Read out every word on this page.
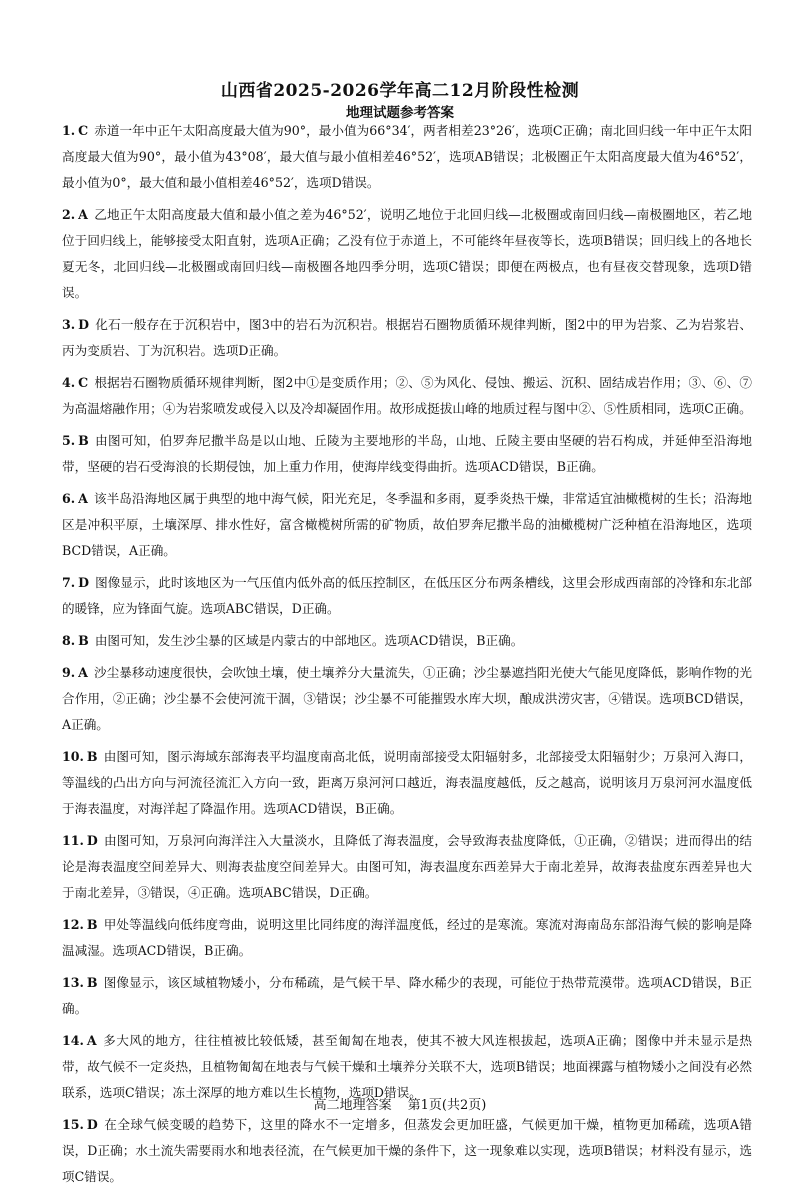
山西省2025-2026学年高二12月阶段性检测
地理试题参考答案
1. C 赤道一年中正午太阳高度最大值为90°，最小值为66°34′，两者相差23°26′，选项C正确；南北回归线一年中正午太阳高度最大值为90°，最小值为43°08′，最大值与最小值相差46°52′，选项AB错误；北极圈正午太阳高度最大值为46°52′，最小值为0°，最大值和最小值相差46°52′，选项D错误。
2. A 乙地正午太阳高度最大值和最小值之差为46°52′，说明乙地位于北回归线—北极圈或南回归线—南极圈地区，若乙地位于回归线上，能够接受太阳直射，选项A正确；乙没有位于赤道上，不可能终年昼夜等长，选项B错误；回归线上的各地长夏无冬，北回归线—北极圈或南回归线—南极圈各地四季分明，选项C错误；即便在两极点，也有昼夜交替现象，选项D错误。
3. D 化石一般存在于沉积岩中，图3中的岩石为沉积岩。根据岩石圈物质循环规律判断，图2中的甲为岩浆、乙为岩浆岩、丙为变质岩、丁为沉积岩。选项D正确。
4. C 根据岩石圈物质循环规律判断，图2中①是变质作用；②、⑤为风化、侵蚀、搬运、沉积、固结成岩作用；③、⑥、⑦为高温熔融作用；④为岩浆喷发或侵入以及冷却凝固作用。故形成挺拔山峰的地质过程与图中②、⑤性质相同，选项C正确。
5. B 由图可知，伯罗奔尼撒半岛是以山地、丘陵为主要地形的半岛，山地、丘陵主要由坚硬的岩石构成，并延伸至沿海地带，坚硬的岩石受海浪的长期侵蚀，加上重力作用，使海岸线变得曲折。选项ACD错误，B正确。
6. A 该半岛沿海地区属于典型的地中海气候，阳光充足，冬季温和多雨，夏季炎热干燥，非常适宜油橄榄树的生长；沿海地区是冲积平原，土壤深厚、排水性好，富含橄榄树所需的矿物质，故伯罗奔尼撒半岛的油橄榄树广泛种植在沿海地区，选项BCD错误，A正确。
7. D 图像显示，此时该地区为一气压值内低外高的低压控制区，在低压区分布两条槽线，这里会形成西南部的冷锋和东北部的暖锋，应为锋面气旋。选项ABC错误，D正确。
8. B 由图可知，发生沙尘暴的区域是内蒙古的中部地区。选项ACD错误，B正确。
9. A 沙尘暴移动速度很快，会吹蚀土壤，使土壤养分大量流失，①正确；沙尘暴遮挡阳光使大气能见度降低，影响作物的光合作用，②正确；沙尘暴不会使河流干涸，③错误；沙尘暴不可能摧毁水库大坝，酿成洪涝灾害，④错误。选项BCD错误，A正确。
10. B 由图可知，图示海域东部海表平均温度南高北低，说明南部接受太阳辐射多，北部接受太阳辐射少；万泉河入海口，等温线的凸出方向与河流径流汇入方向一致，距离万泉河河口越近，海表温度越低，反之越高，说明该月万泉河河水温度低于海表温度，对海洋起了降温作用。选项ACD错误，B正确。
11. D 由图可知，万泉河向海洋注入大量淡水，且降低了海表温度，会导致海表盐度降低，①正确，②错误；进而得出的结论是海表温度空间差异大、则海表盐度空间差异大。由图可知，海表温度东西差异大于南北差异，故海表盐度东西差异也大于南北差异，③错误，④正确。选项ABC错误，D正确。
12. B 甲处等温线向低纬度弯曲，说明这里比同纬度的海洋温度低，经过的是寒流。寒流对海南岛东部沿海气候的影响是降温减湿。选项ACD错误，B正确。
13. B 图像显示，该区域植物矮小，分布稀疏，是气候干旱、降水稀少的表现，可能位于热带荒漠带。选项ACD错误，B正确。
14. A 多大风的地方，往往植被比较低矮，甚至匍匐在地表，使其不被大风连根拔起，选项A正确；图像中并未显示是热带，故气候不一定炎热，且植物匍匐在地表与气候干燥和土壤养分关联不大，选项B错误；地面裸露与植物矮小之间没有必然联系，选项C错误；冻土深厚的地方难以生长植物，选项D错误。
15. D 在全球气候变暖的趋势下，这里的降水不一定增多，但蒸发会更加旺盛，气候更加干燥，植物更加稀疏，选项A错误，D正确；水土流失需要雨水和地表径流，在气候更加干燥的条件下，这一现象难以实现，选项B错误；材料没有显示，选项C错误。
高二地理答案 第1页(共2页)
